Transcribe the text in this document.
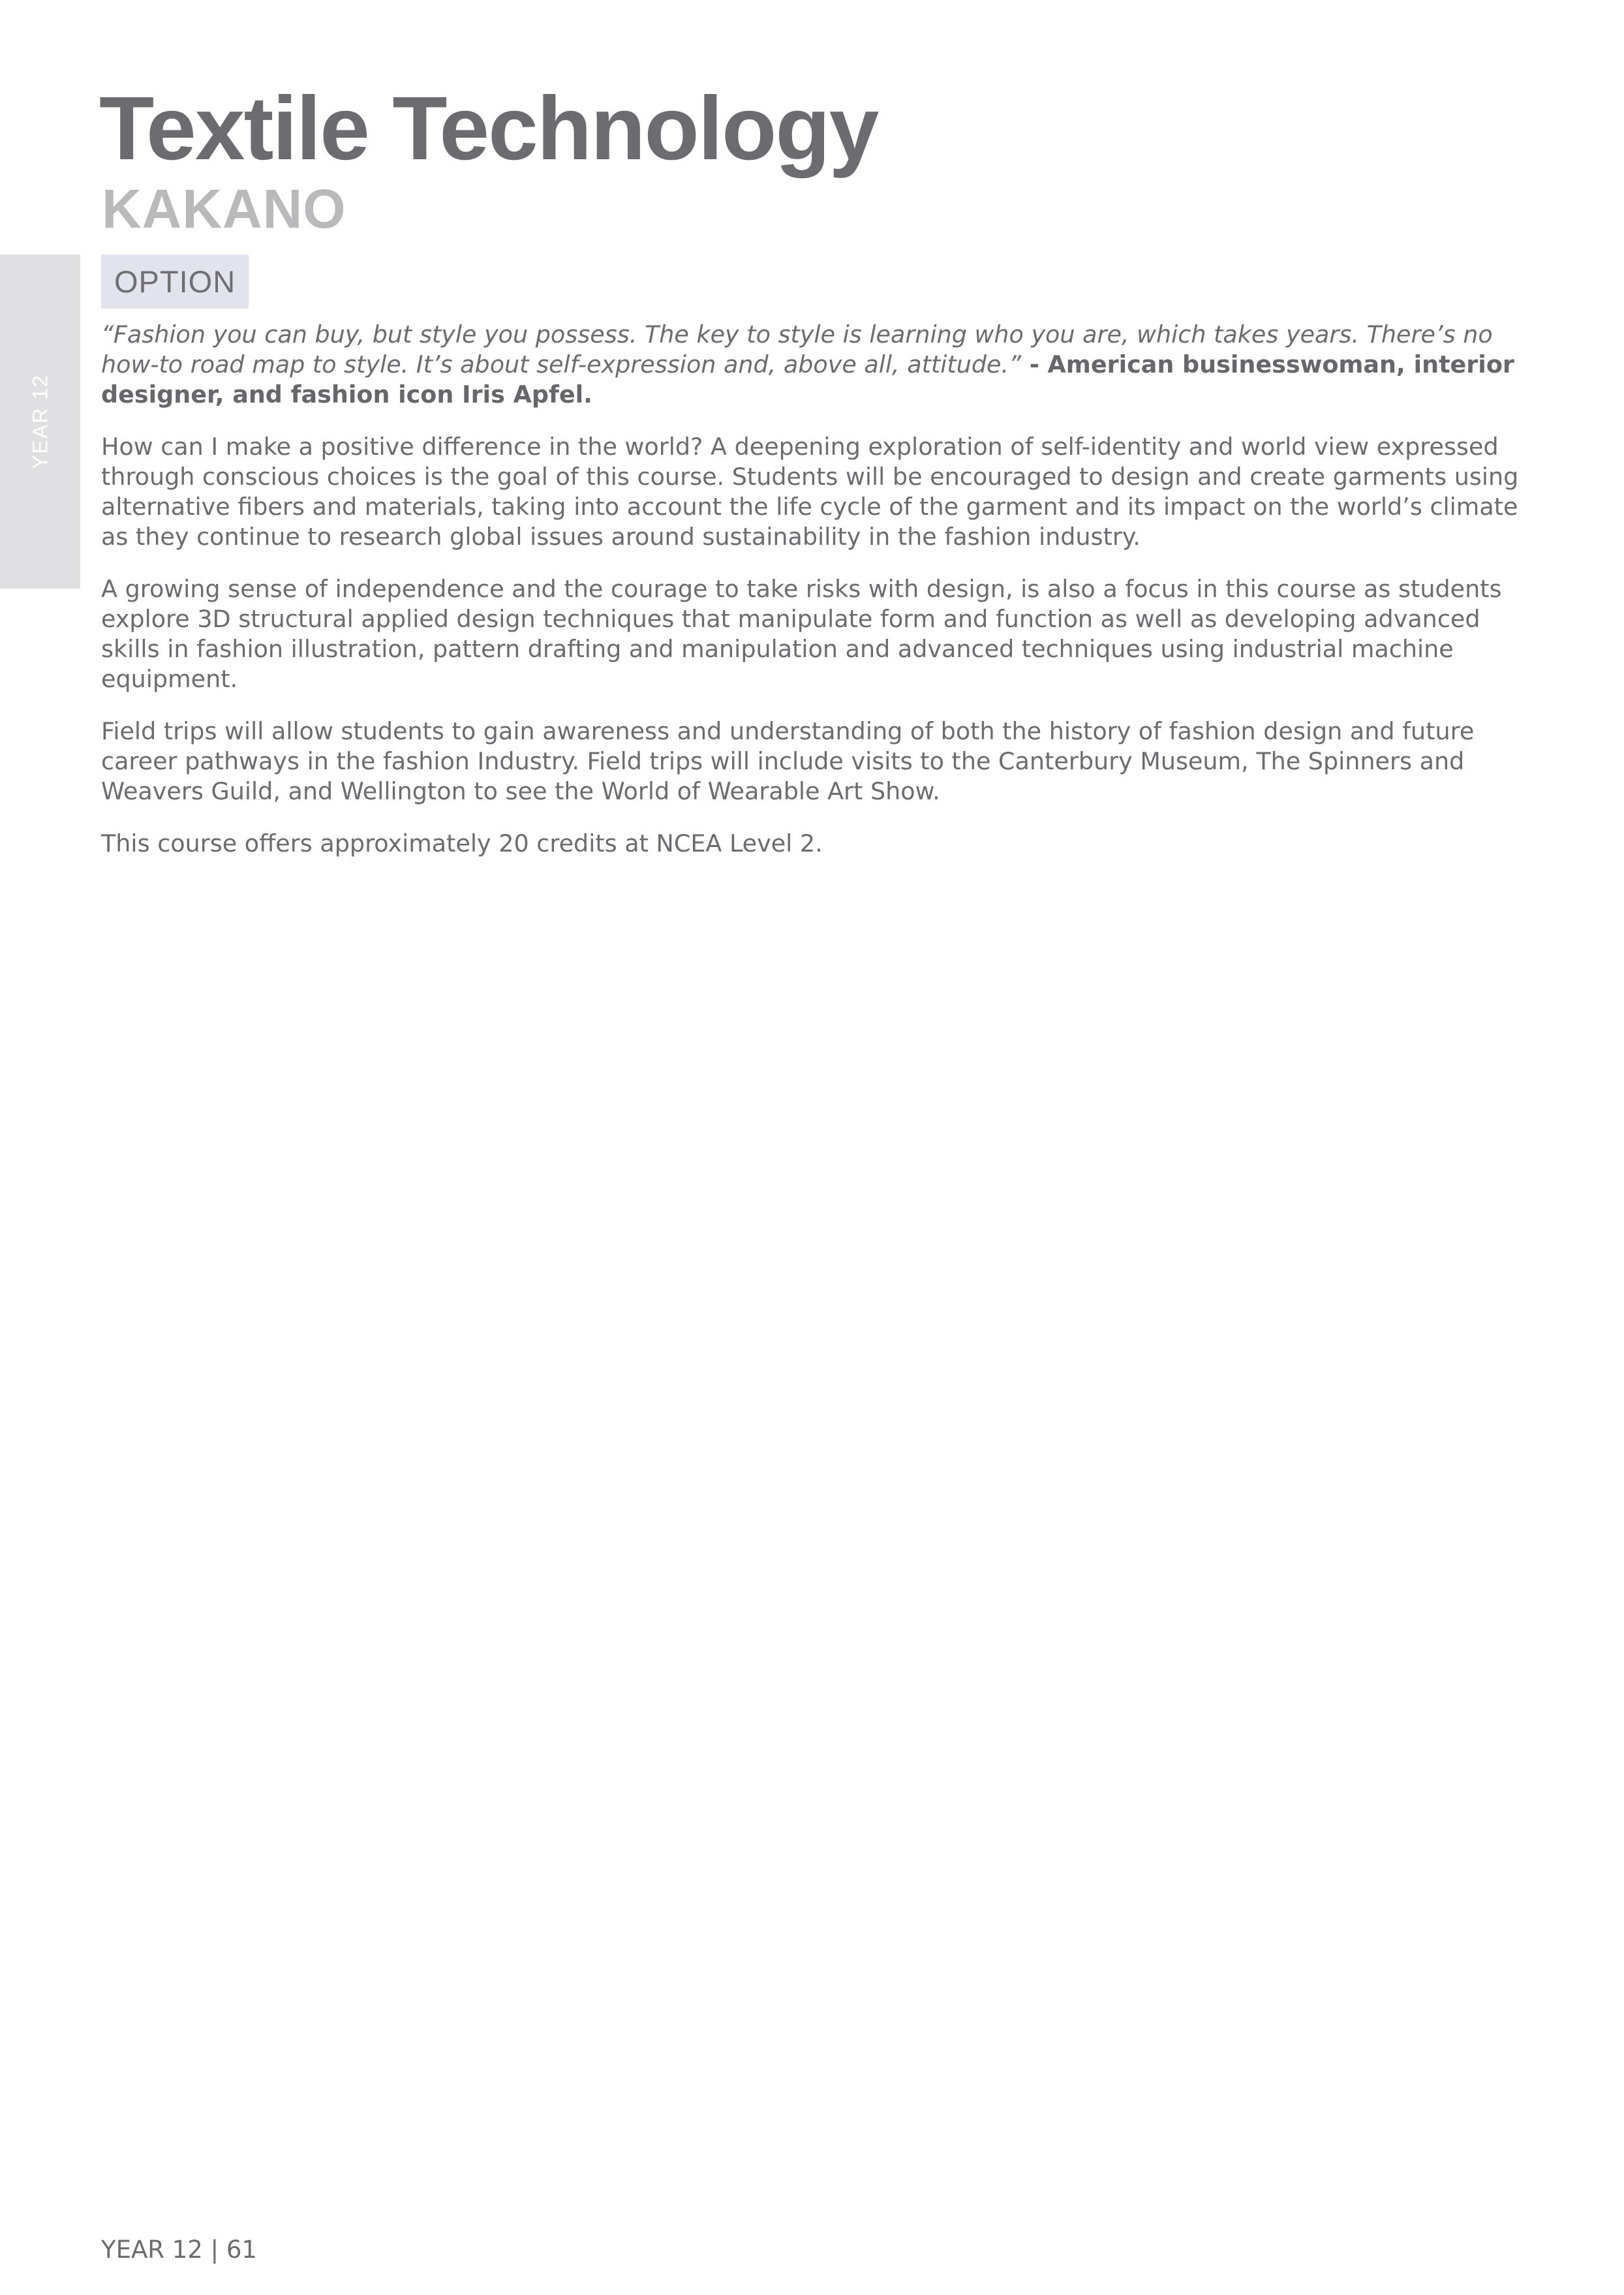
YEAR 12
Textile Technology
KAKANO
OPTION

“Fashion you can buy, but style you possess. The key to style is learning who you are, which takes years. There’s no how-to road map to style. It’s about self-expression and, above all, attitude.” - American businesswoman, interior designer, and fashion icon Iris Apfel.

How can I make a positive difference in the world? A deepening exploration of self-identity and world view expressed through conscious choices is the goal of this course. Students will be encouraged to design and create garments using alternative fibers and materials, taking into account the life cycle of the garment and its impact on the world’s climate as they continue to research global issues around sustainability in the fashion industry.

A growing sense of independence and the courage to take risks with design, is also a focus in this course as students explore 3D structural applied design techniques that manipulate form and function as well as developing advanced skills in fashion illustration, pattern drafting and manipulation and advanced techniques using industrial machine equipment.

Field trips will allow students to gain awareness and understanding of both the history of fashion design and future career pathways in the fashion Industry. Field trips will include visits to the Canterbury Museum, The Spinners and Weavers Guild, and Wellington to see the World of Wearable Art Show.

This course offers approximately 20 credits at NCEA Level 2.

YEAR 12 | 61
